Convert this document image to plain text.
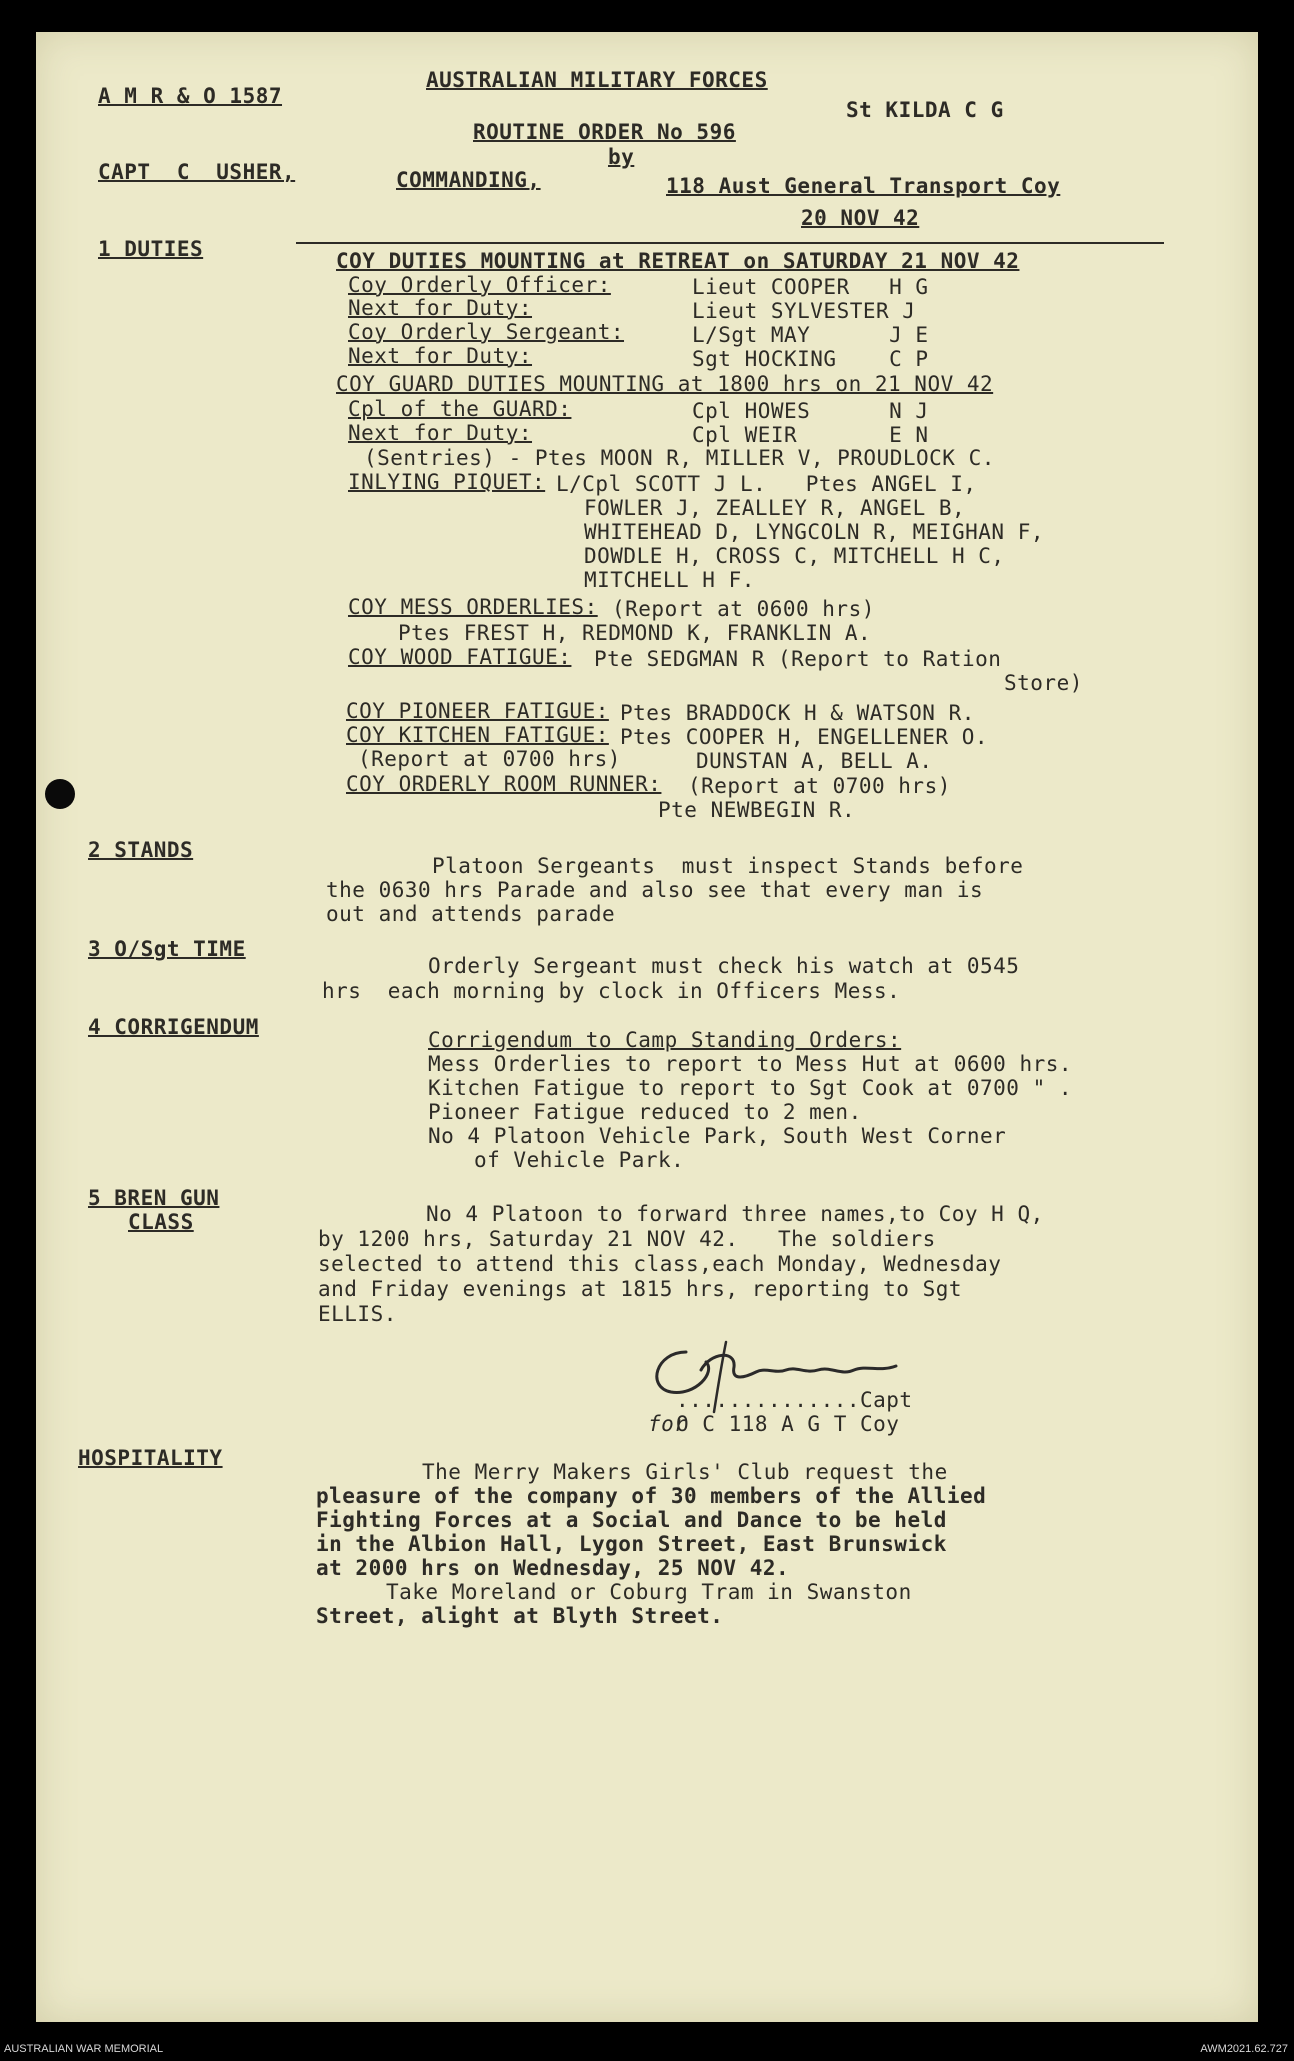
A M R & O 1587
AUSTRALIAN MILITARY FORCES
St KILDA C G
ROUTINE ORDER No 596
by
CAPT  C  USHER,	COMMANDING,	118 Aust General Transport Coy
20 NOV 42
1 DUTIES	COY DUTIES MOUNTING at RETREAT on SATURDAY 21 NOV 42
Coy Orderly Officer:	Lieut COOPER   H G
Next for Duty:	Lieut SYLVESTER J
Coy Orderly Sergeant:	L/Sgt MAY      J E
Next for Duty:	Sgt HOCKING    C P
COY GUARD DUTIES MOUNTING at 1800 hrs on 21 NOV 42
Cpl of the GUARD:	Cpl HOWES      N J
Next for Duty:	Cpl WEIR       E N
(Sentries) - Ptes MOON R, MILLER V, PROUDLOCK C.
INLYING PIQUET: L/Cpl SCOTT J L.   Ptes ANGEL I,
FOWLER J, ZEALLEY R, ANGEL B,
WHITEHEAD D, LYNGCOLN R, MEIGHAN F,
DOWDLE H, CROSS C, MITCHELL H C,
MITCHELL H F.
COY MESS ORDERLIES: (Report at 0600 hrs)
Ptes FREST H, REDMOND K, FRANKLIN A.
COY WOOD FATIGUE: Pte SEDGMAN R (Report to Ration
Store)
COY PIONEER FATIGUE: Ptes BRADDOCK H & WATSON R.
COY KITCHEN FATIGUE: Ptes COOPER H, ENGELLENER O.
(Report at 0700 hrs)	DUNSTAN A, BELL A.
COY ORDERLY ROOM RUNNER: (Report at 0700 hrs)
Pte NEWBEGIN R.
2 STANDS
Platoon Sergeants  must inspect Stands before
the 0630 hrs Parade and also see that every man is
out and attends parade
3 O/Sgt TIME
Orderly Sergeant must check his watch at 0545
hrs  each morning by clock in Officers Mess.
4 CORRIGENDUM
Corrigendum to Camp Standing Orders:
Mess Orderlies to report to Mess Hut at 0600 hrs.
Kitchen Fatigue to report to Sgt Cook at 0700 " .
Pioneer Fatigue reduced to 2 men.
No 4 Platoon Vehicle Park, South West Corner
of Vehicle Park.
5 BREN GUN
CLASS	No 4 Platoon to forward three names,to Coy H Q,
by 1200 hrs, Saturday 21 NOV 42.   The soldiers
selected to attend this class,each Monday, Wednesday
and Friday evenings at 1815 hrs, reporting to Sgt
ELLIS.
..............Capt
for
O C 118 A G T Coy
HOSPITALITY
The Merry Makers Girls' Club request the
pleasure of the company of 30 members of the Allied
Fighting Forces at a Social and Dance to be held
in the Albion Hall, Lygon Street, East Brunswick
at 2000 hrs on Wednesday, 25 NOV 42.
Take Moreland or Coburg Tram in Swanston
Street, alight at Blyth Street.
AUSTRALIAN WAR MEMORIAL	AWM2021.62.727
